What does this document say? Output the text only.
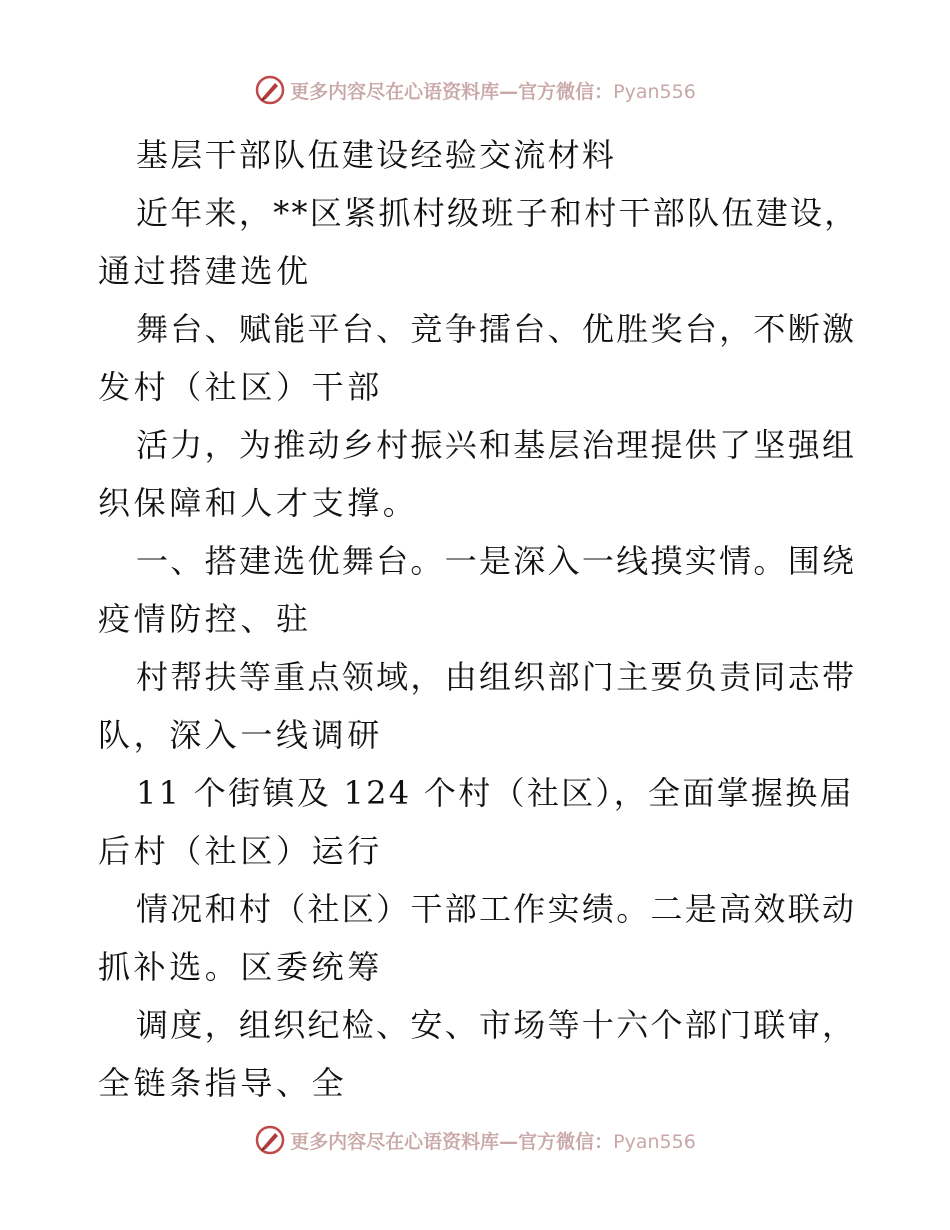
更多内容尽在心语资料库—官方微信：Pyan556
基层干部队伍建设经验交流材料
近年来，**区紧抓村级班子和村干部队伍建设，
通过搭建选优
舞台、赋能平台、竞争擂台、优胜奖台，不断激
发村（社区）干部
活力，为推动乡村振兴和基层治理提供了坚强组
织保障和人才支撑。
一、搭建选优舞台。一是深入一线摸实情。围绕
疫情防控、驻
村帮扶等重点领域，由组织部门主要负责同志带
队，深入一线调研
11 个街镇及 124 个村（社区），全面掌握换届
后村（社区）运行
情况和村（社区）干部工作实绩。二是高效联动
抓补选。区委统筹
调度，组织纪检、安、市场等十六个部门联审，
全链条指导、全
更多内容尽在心语资料库—官方微信：Pyan556
